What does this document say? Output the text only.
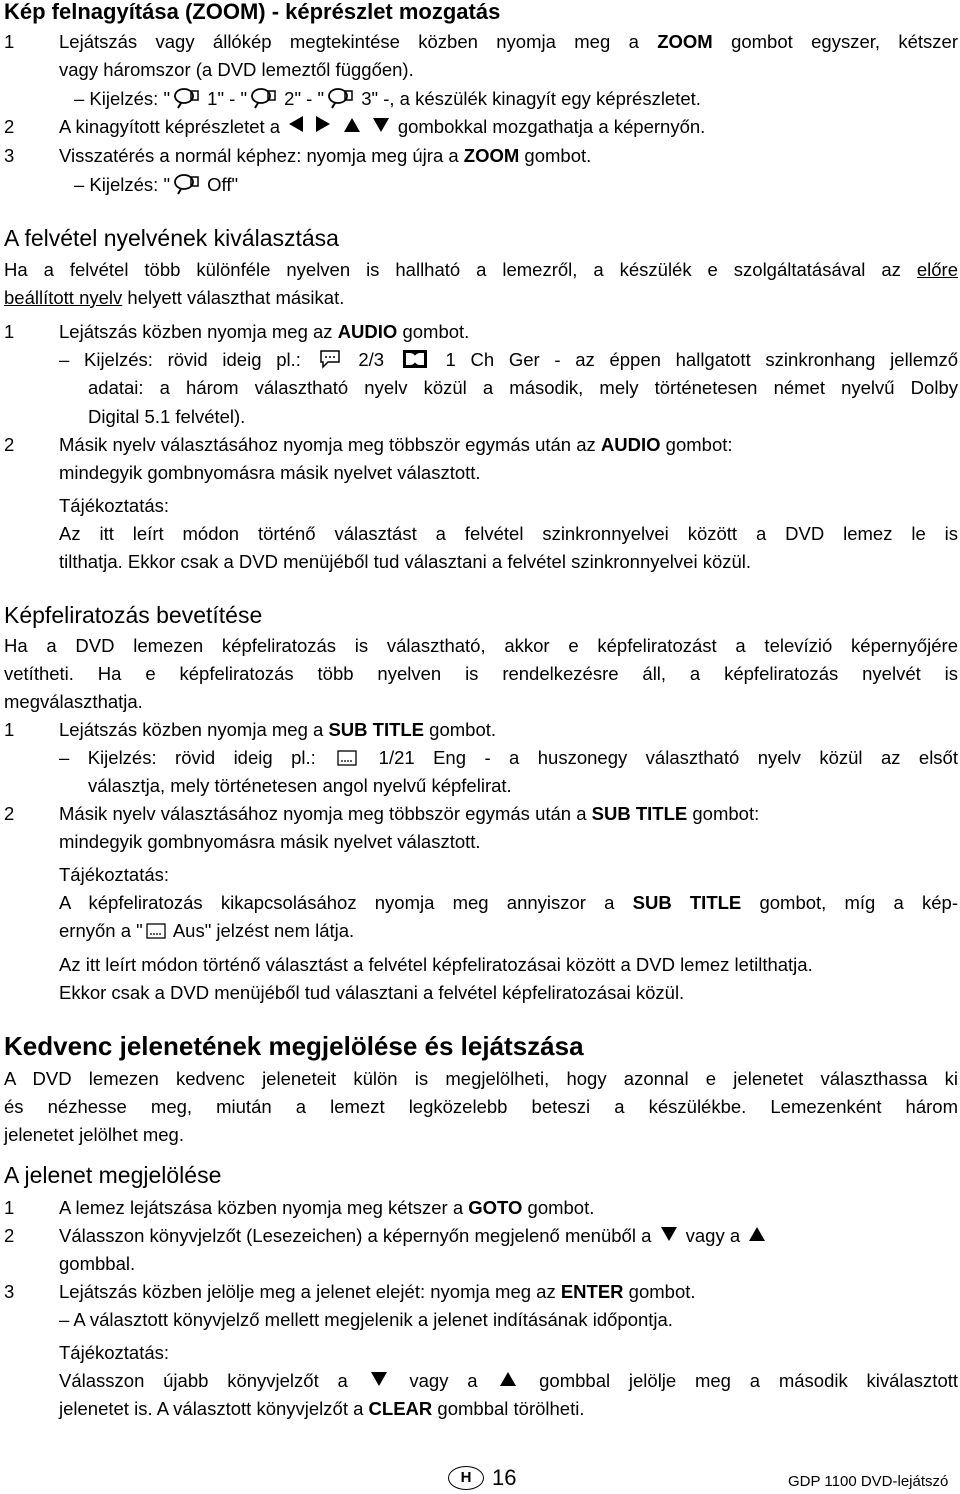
Kép felnagyítása (ZOOM) - képrészlet mozgatás
1 Lejátszás vagy állókép megtekintése közben nyomja meg a ZOOM gombot egyszer, kétszer
vagy háromszor (a DVD lemeztől függően).
– Kijelzés: " 1" - " 2" - " 3" -, a készülék kinagyít egy képrészletet.
2 A kinagyított képrészletet a	gombokkal mozgathatja a képernyőn.
3 Visszatérés a normál képhez: nyomja meg újra a ZOOM gombot.
– Kijelzés: " Off"
A felvétel nyelvének kiválasztása
Ha a felvétel több különféle nyelven is hallható a lemezről, a készülék e szolgáltatásával az előre
beállított nyelv helyett választhat másikat.
1 Lejátszás közben nyomja meg az AUDIO gombot.
– Kijelzés: rövid ideig pl.:	2/3	1 Ch Ger - az éppen hallgatott szinkronhang jellemző
adatai: a három választható nyelv közül a második, mely történetesen német nyelvű Dolby
Digital 5.1 felvétel).
2 Másik nyelv választásához nyomja meg többször egymás után az AUDIO gombot:
mindegyik gombnyomásra másik nyelvet választott.
Tájékoztatás:
Az itt leírt módon történő választást a felvétel szinkronnyelvei között a DVD lemez le is
tilthatja. Ekkor csak a DVD menüjéből tud választani a felvétel szinkronnyelvei közül.
Képfeliratozás bevetítése
Ha a DVD lemezen képfeliratozás is választható, akkor e képfeliratozást a televízió képernyőjére
vetítheti. Ha e képfeliratozás több nyelven is rendelkezésre áll, a képfeliratozás nyelvét is
megválaszthatja.
1 Lejátszás közben nyomja meg a SUB TITLE gombot.
– Kijelzés: rövid ideig pl.:	1/21 Eng - a huszonegy választható nyelv közül az elsőt
választja, mely történetesen angol nyelvű képfelirat.
2 Másik nyelv választásához nyomja meg többször egymás után a SUB TITLE gombot:
mindegyik gombnyomásra másik nyelvet választott.
Tájékoztatás:
A képfeliratozás kikapcsolásához nyomja meg annyiszor a SUB TITLE gombot, míg a kép-
ernyőn a " Aus" jelzést nem látja.
Az itt leírt módon történő választást a felvétel képfeliratozásai között a DVD lemez letilthatja.
Ekkor csak a DVD menüjéből tud választani a felvétel képfeliratozásai közül.
Kedvenc jelenetének megjelölése és lejátszása
A DVD lemezen kedvenc jeleneteit külön is megjelölheti, hogy azonnal e jelenetet választhassa ki
és nézhesse meg, miután a lemezt legközelebb beteszi a készülékbe. Lemezenként három
jelenetet jelölhet meg.
A jelenet megjelölése
1 A lemez lejátszása közben nyomja meg kétszer a GOTO gombot.
2 Válasszon könyvjelzőt (Lesezeichen) a képernyőn megjelenő menüből a vagy a
gombbal.
3 Lejátszás közben jelölje meg a jelenet elejét: nyomja meg az ENTER gombot.
– A választott könyvjelző mellett megjelenik a jelenet indításának időpontja.
Tájékoztatás:
Válasszon újabb könyvjelzőt a	vagy a	gombbal jelölje meg a második kiválasztott
jelenetet is. A választott könyvjelzőt a CLEAR gombbal törölheti.
H 16	GDP 1100 DVD-lejátszó
